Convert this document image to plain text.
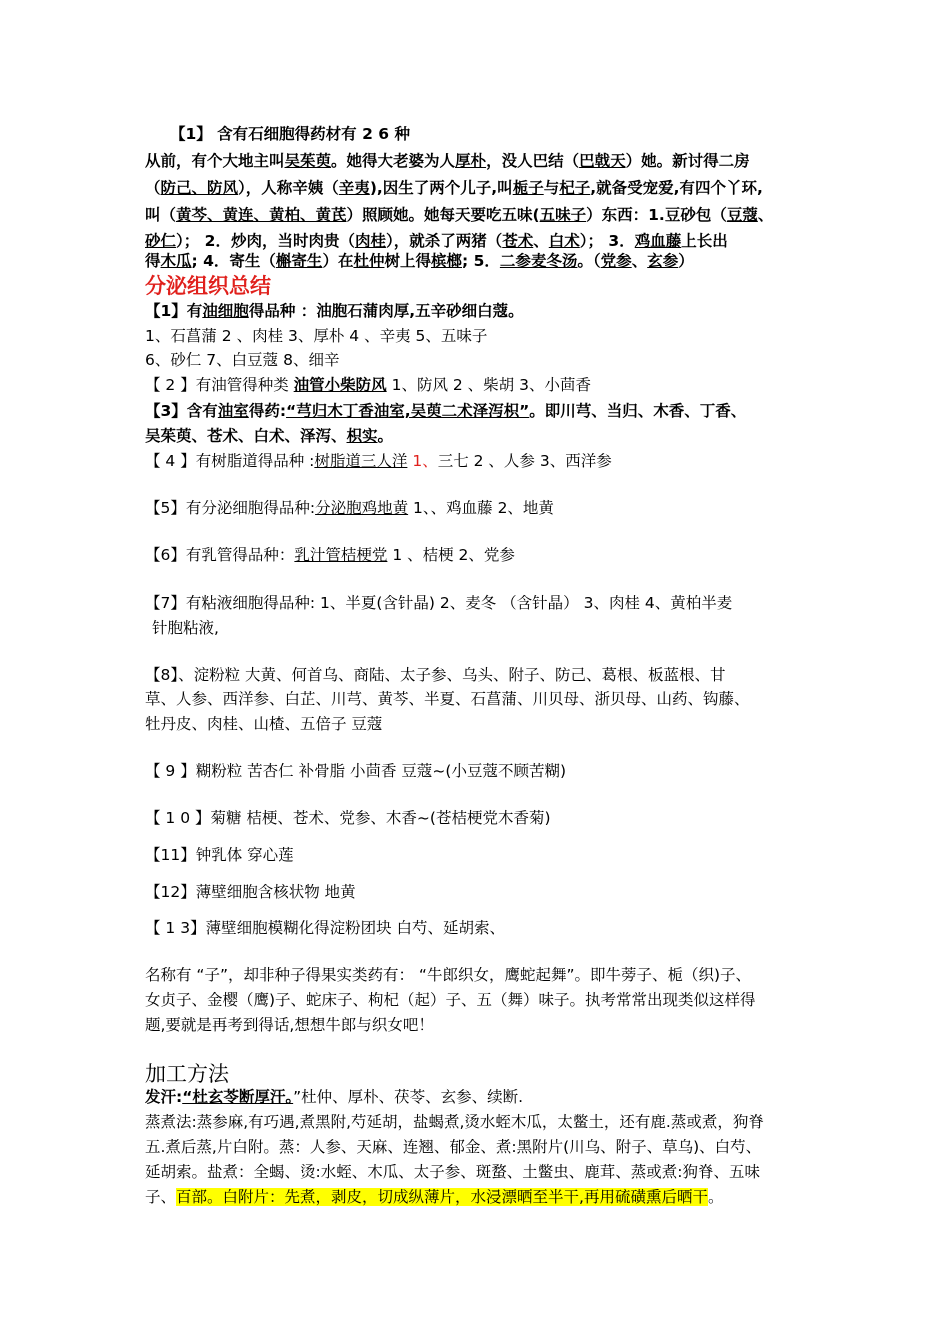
【1】 含有石细胞得药材有 2 6 种
从前，有个大地主叫吴茱萸。她得大老婆为人厚朴，没人巴结（巴戟天）她。新讨得二房
（防己、防风），人称辛姨（辛夷),因生了两个儿子,叫栀子与杞子,就备受宠爱,有四个丫环,
叫（黄芩、黄连、黄柏、黄芪）照顾她。她每天要吃五味(五味子）东西：1.豆砂包（豆蔻、
砂仁）； 2．炒肉，当时肉贵（肉桂），就杀了两猪（苍术、白术）； 3．鸡血藤上长出
得木瓜; 4．寄生（槲寄生）在杜仲树上得槟榔; 5．二参麦冬汤。（党参、玄参）
分泌组织总结
【1】有油细胞得品种 ：油胞石蒲肉厚,五辛砂细白蔻。
1、石菖蒲 2 、肉桂 3、厚朴 4 、辛夷 5、五味子
6、砂仁 7、白豆蔻 8、细辛
【 2 】有油管得种类 油管小柴防风 1、防风 2 、柴胡 3、小茴香
【3】含有油室得药:“芎归木丁香油室,吴萸二术泽泻枳”。即川芎、当归、木香、丁香、
吴茱萸、苍术、白术、泽泻、枳实。
【 4 】有树脂道得品种 :树脂道三人洋 1、三七 2 、人参 3、西洋参
【5】有分泌细胞得品种:分泌胞鸡地黄 1、、鸡血藤 2、地黄
【6】有乳管得品种：乳汁管桔梗党 1 、桔梗 2、党参
【7】有粘液细胞得品种: 1、半夏(含针晶) 2、麦冬 （含针晶） 3、肉桂 4、黄柏半麦
针胞粘液,
【8】、淀粉粒 大黄、何首乌、商陆、太子参、乌头、附子、防己、葛根、板蓝根、甘
草、人参、西洋参、白芷、川芎、黄芩、半夏、石菖蒲、川贝母、浙贝母、山药、钩藤、
牡丹皮、肉桂、山楂、五倍子 豆蔻
【 9 】糊粉粒 苦杏仁 补骨脂 小茴香 豆蔻~(小豆蔻不顾苦糊)
【 1 0 】菊糖 桔梗、苍术、党参、木香~(苍桔梗党木香菊)
【11】钟乳体 穿心莲
【12】薄壁细胞含核状物 地黄
【 1 3】薄壁细胞模糊化得淀粉团块 白芍、延胡索、
名称有 “子”，却非种子得果实类药有： “牛郎织女，鹰蛇起舞”。即牛蒡子、栀（织)子、
女贞子、金樱（鹰)子、蛇床子、枸杞（起）子、五（舞）味子。执考常常出现类似这样得
题,要就是再考到得话,想想牛郎与织女吧！
加工方法
发汗:“杜玄苓断厚汗。”杜仲、厚朴、茯苓、玄参、续断.
蒸煮法:蒸参麻,有巧遇,煮黑附,芍延胡，盐蝎煮,烫水蛭木瓜，太鳖土，还有鹿.蒸或煮，狗脊
五.煮后蒸,片白附。蒸：人参、天麻、连翘、郁金、煮:黑附片(川乌、附子、草乌)、白芍、
延胡索。盐煮：全蝎、烫:水蛭、木瓜、太子参、斑蝥、土鳖虫、鹿茸、蒸或煮:狗脊、五味
子、百部。白附片：先煮，剥皮，切成纵薄片，水浸漂晒至半干,再用硫磺熏后晒干。
